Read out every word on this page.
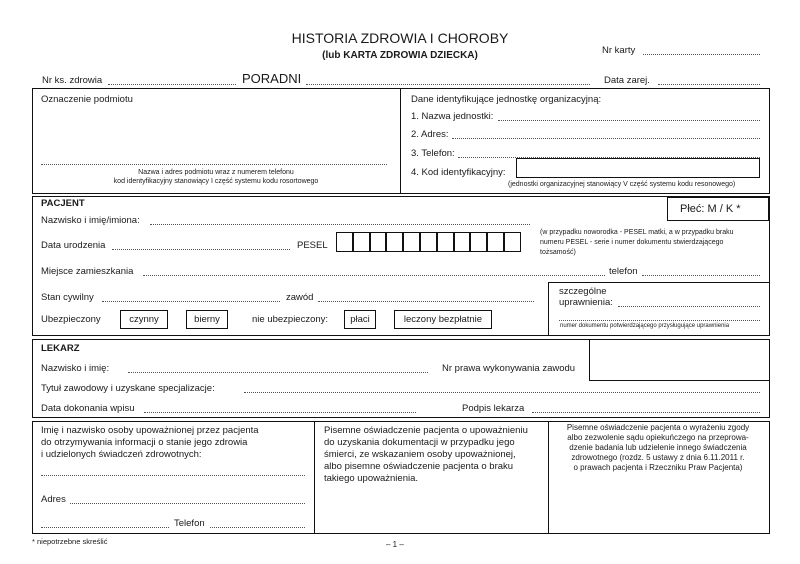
HISTORIA ZDROWIA I CHOROBY
(lub KARTA ZDROWIA DZIECKA)	Nr karty
Nr ks. zdrowia	PORADNI	Data zarej.
Oznaczenie podmiotu
Nazwa i adres podmiotu wraz z numerem telefonu
kod identyfikacyjny stanowiący I część systemu kodu rosortowego
Dane identyfikujące jednostkę organizacyjną:
1. Nazwa jednostki:
2. Adres:
3. Telefon:
4. Kod identyfikacyjny:
(jednostki organizacyjnej stanowiący V część systemu kodu resonowego)
PACJENT	Płeć: M / K *
Nazwisko i imię/imiona:
Data urodzenia	PESEL
(w przypadku noworodka - PESEL matki, a w przypadku braku
numeru PESEL - serie i numer dokumentu stwierdzającego
tożsamość)
Miejsce zamieszkania	telefon
Stan cywilny	zawód
szczególne
uprawnienia:
numer dokumentu potwierdzającego przysługujące uprawnienia
Ubezpieczony	czynny	bierny	nie ubezpieczony:	płaci	leczony bezpłatnie
LEKARZ
Nazwisko i imię:	Nr prawa wykonywania zawodu
Tytuł zawodowy i uzyskane specjalizacje:
Data dokonania wpisu	Podpis lekarza
Imię i nazwisko osoby upoważnionej przez pacjenta
do otrzymywania informacji o stanie jego zdrowia
i udzielonych świadczeń zdrowotnych:
Adres
Telefon
Pisemne oświadczenie pacjenta o upoważnieniu
do uzyskania dokumentacji w przypadku jego
śmierci, ze wskazaniem osoby upoważnionej,
albo pisemne oświadczenie pacjenta o braku
takiego upoważnienia.
Pisemne oświadczenie pacjenta o wyrażeniu zgody
albo zezwolenie sądu opiekuńczego na przeprowa-
dzenie badania lub udzielenie innego świadczenia
zdrowotnego (rozdz. 5 ustawy z dnia 6.11.2011 r.
o prawach pacjenta i Rzeczniku Praw Pacjenta)
* niepotrzebne skreślić	– 1 –
